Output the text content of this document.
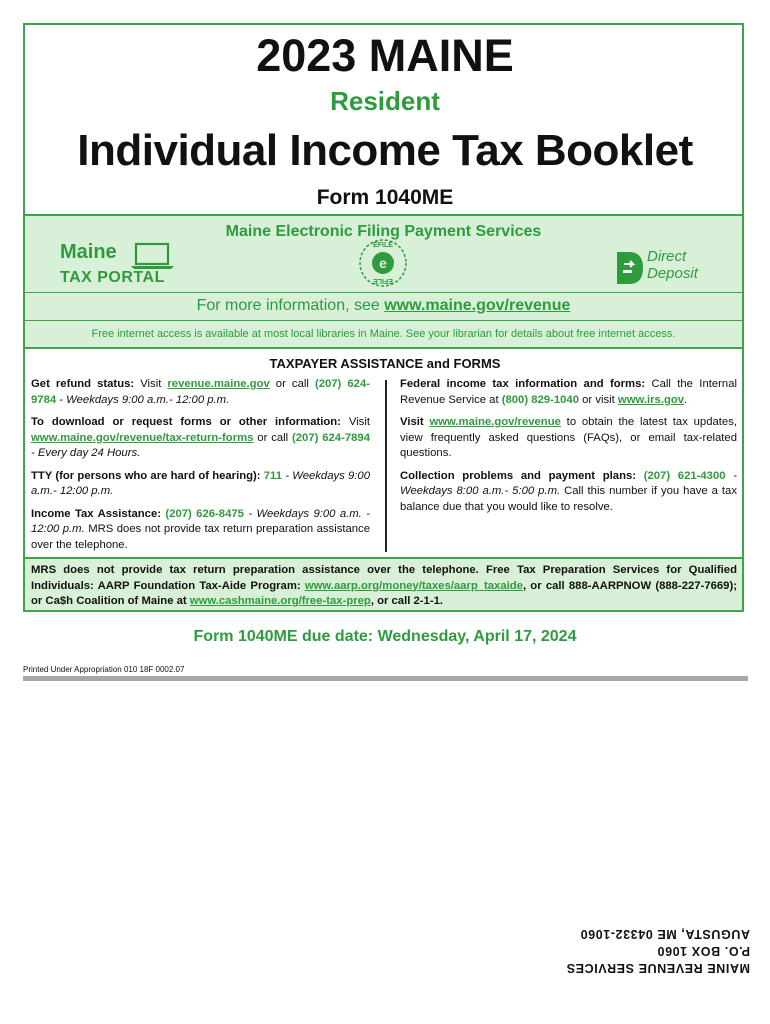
2023 MAINE
Resident
Individual Income Tax Booklet
Form 1040ME
Maine Electronic Filing Payment Services
Maine
TAX PORTAL
e
EFILE
EFILE
Direct
Deposit
For more information, see www.maine.gov/revenue
Free internet access is available at most local libraries in Maine. See your librarian for details about free internet access.
TAXPAYER ASSISTANCE and FORMS

Get refund status: Visit revenue.maine.gov or call (207) 624-9784 - Weekdays 9:00 a.m.- 12:00 p.m.

To download or request forms or other information: Visit www.maine.gov/revenue/tax-return-forms or call (207) 624-7894 - Every day 24 Hours.

TTY (for persons who are hard of hearing): 711 - Weekdays 9:00 a.m.- 12:00 p.m.

Income Tax Assistance: (207) 626-8475 - Weekdays 9:00 a.m. - 12:00 p.m. MRS does not provide tax return preparation assistance over the telephone.

Federal income tax information and forms: Call the Internal Revenue Service at (800) 829-1040 or visit www.irs.gov.

Visit www.maine.gov/revenue to obtain the latest tax updates, view frequently asked questions (FAQs), or email tax-related questions.

Collection problems and payment plans: (207) 621-4300 - Weekdays 8:00 a.m.- 5:00 p.m. Call this number if you have a tax balance due that you would like to resolve.

MRS does not provide tax return preparation assistance over the telephone. Free Tax Preparation Services for Qualified Individuals: AARP Foundation Tax-Aide Program: www.aarp.org/money/taxes/aarp_taxaide, or call 888-AARPNOW (888-227-7669); or Ca$h Coalition of Maine at www.cashmaine.org/free-tax-prep, or call 2-1-1.
Form 1040ME due date: Wednesday, April 17, 2024
Printed Under Appropriation 010 18F 0002.07
MAINE REVENUE SERVICES
P.O. BOX 1060
AUGUSTA, ME 04332-1060
